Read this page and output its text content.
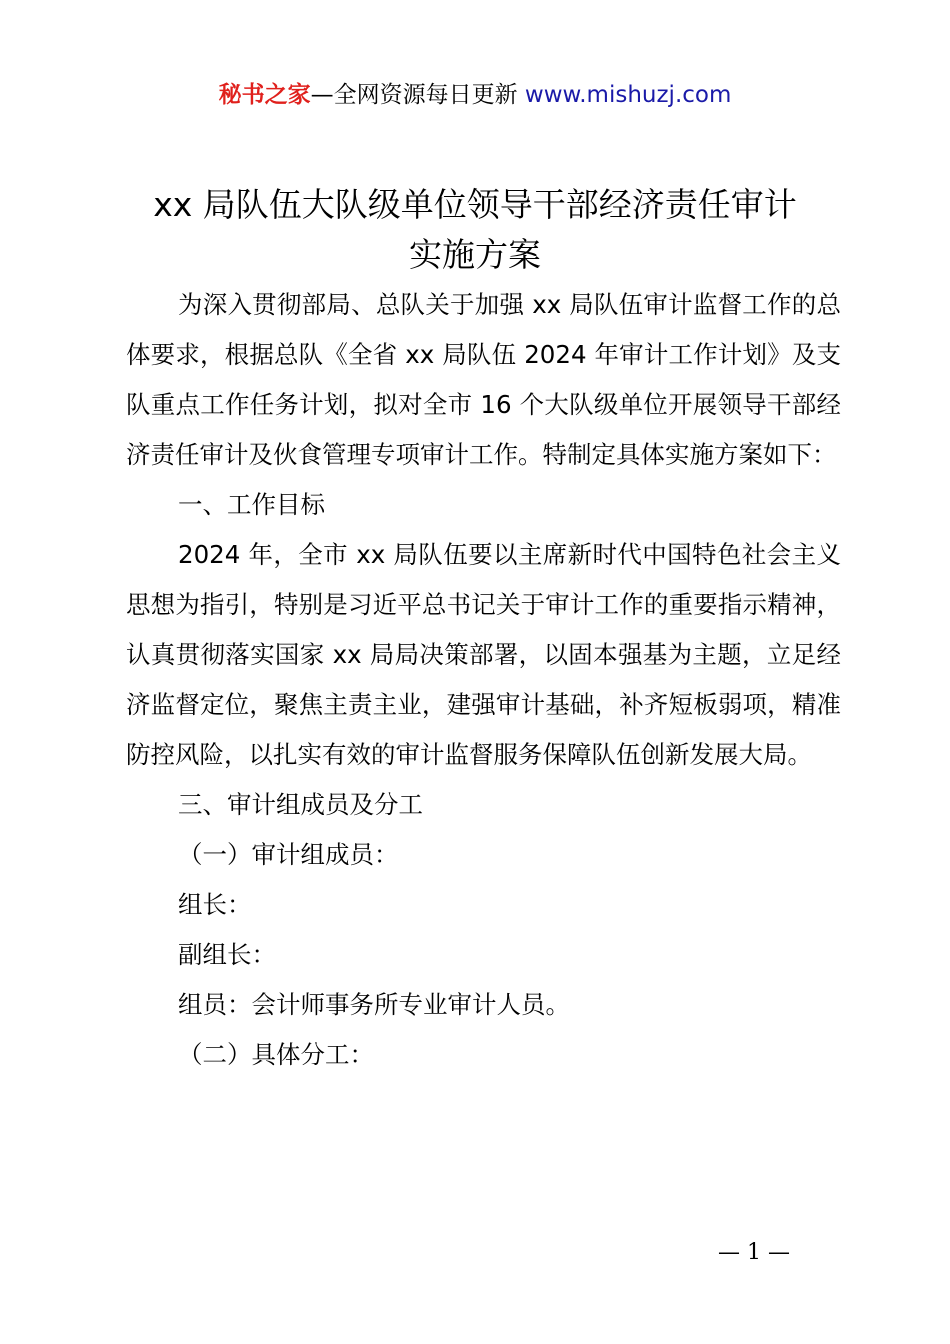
秘书之家—全网资源每日更新 www.mishuzj.com
xx 局队伍大队级单位领导干部经济责任审计
实施方案

为深入贯彻部局、总队关于加强 xx 局队伍审计监督工作的总体要求，根据总队《全省 xx 局队伍 2024 年审计工作计划》及支队重点工作任务计划，拟对全市 16 个大队级单位开展领导干部经济责任审计及伙食管理专项审计工作。特制定具体实施方案如下：

一、工作目标

2024 年，全市 xx 局队伍要以主席新时代中国特色社会主义思想为指引，特别是习近平总书记关于审计工作的重要指示精神，认真贯彻落实国家 xx 局局决策部署，以固本强基为主题，立足经济监督定位，聚焦主责主业，建强审计基础，补齐短板弱项，精准防控风险，以扎实有效的审计监督服务保障队伍创新发展大局。

三、审计组成员及分工

（一）审计组成员：

组长：

副组长：

组员：会计师事务所专业审计人员。

（二）具体分工：

— 1 —
